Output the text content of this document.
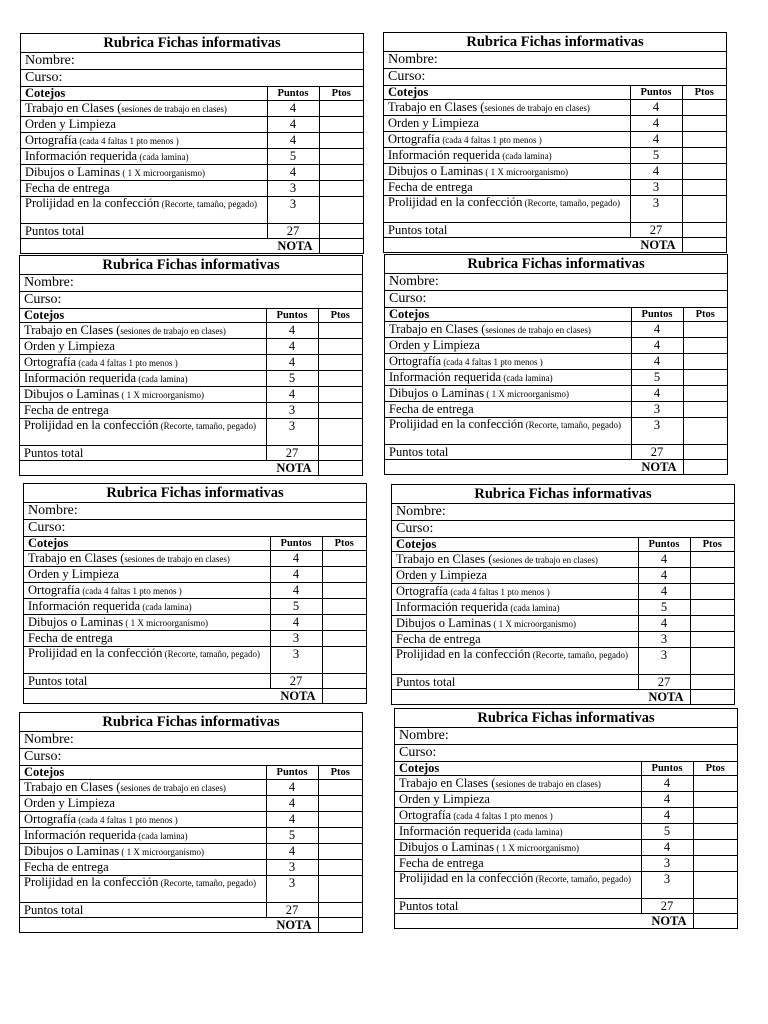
Rubrica Fichas informativas
Nombre:
Curso:
Cotejos	Puntos	Ptos
Trabajo en Clases (sesiones de trabajo en clases)	4	
Orden y Limpieza	4	
Ortografía (cada 4 faltas 1 pto menos )	4	
Información requerida (cada lamina)	5	
Dibujos o Laminas ( 1 X microorganismo)	4	
Fecha de entrega	3	
Prolijidad en la confección (Recorte, tamaño, pegado)	3	
Puntos total	27	
NOTA		
Rubrica Fichas informativas
Nombre:
Curso:
Cotejos	Puntos	Ptos
Trabajo en Clases (sesiones de trabajo en clases)	4	
Orden y Limpieza	4	
Ortografía (cada 4 faltas 1 pto menos )	4	
Información requerida (cada lamina)	5	
Dibujos o Laminas ( 1 X microorganismo)	4	
Fecha de entrega	3	
Prolijidad en la confección (Recorte, tamaño, pegado)	3	
Puntos total	27	
NOTA		
Rubrica Fichas informativas
Nombre:
Curso:
Cotejos	Puntos	Ptos
Trabajo en Clases (sesiones de trabajo en clases)	4	
Orden y Limpieza	4	
Ortografía (cada 4 faltas 1 pto menos )	4	
Información requerida (cada lamina)	5	
Dibujos o Laminas ( 1 X microorganismo)	4	
Fecha de entrega	3	
Prolijidad en la confección (Recorte, tamaño, pegado)	3	
Puntos total	27	
NOTA		
Rubrica Fichas informativas
Nombre:
Curso:
Cotejos	Puntos	Ptos
Trabajo en Clases (sesiones de trabajo en clases)	4	
Orden y Limpieza	4	
Ortografía (cada 4 faltas 1 pto menos )	4	
Información requerida (cada lamina)	5	
Dibujos o Laminas ( 1 X microorganismo)	4	
Fecha de entrega	3	
Prolijidad en la confección (Recorte, tamaño, pegado)	3	
Puntos total	27	
NOTA		
Rubrica Fichas informativas
Nombre:
Curso:
Cotejos	Puntos	Ptos
Trabajo en Clases (sesiones de trabajo en clases)	4	
Orden y Limpieza	4	
Ortografía (cada 4 faltas 1 pto menos )	4	
Información requerida (cada lamina)	5	
Dibujos o Laminas ( 1 X microorganismo)	4	
Fecha de entrega	3	
Prolijidad en la confección (Recorte, tamaño, pegado)	3	
Puntos total	27	
NOTA		
Rubrica Fichas informativas
Nombre:
Curso:
Cotejos	Puntos	Ptos
Trabajo en Clases (sesiones de trabajo en clases)	4	
Orden y Limpieza	4	
Ortografía (cada 4 faltas 1 pto menos )	4	
Información requerida (cada lamina)	5	
Dibujos o Laminas ( 1 X microorganismo)	4	
Fecha de entrega	3	
Prolijidad en la confección (Recorte, tamaño, pegado)	3	
Puntos total	27	
NOTA		
Rubrica Fichas informativas
Nombre:
Curso:
Cotejos	Puntos	Ptos
Trabajo en Clases (sesiones de trabajo en clases)	4	
Orden y Limpieza	4	
Ortografía (cada 4 faltas 1 pto menos )	4	
Información requerida (cada lamina)	5	
Dibujos o Laminas ( 1 X microorganismo)	4	
Fecha de entrega	3	
Prolijidad en la confección (Recorte, tamaño, pegado)	3	
Puntos total	27	
NOTA		
Rubrica Fichas informativas
Nombre:
Curso:
Cotejos	Puntos	Ptos
Trabajo en Clases (sesiones de trabajo en clases)	4	
Orden y Limpieza	4	
Ortografía (cada 4 faltas 1 pto menos )	4	
Información requerida (cada lamina)	5	
Dibujos o Laminas ( 1 X microorganismo)	4	
Fecha de entrega	3	
Prolijidad en la confección (Recorte, tamaño, pegado)	3	
Puntos total	27	
NOTA		
